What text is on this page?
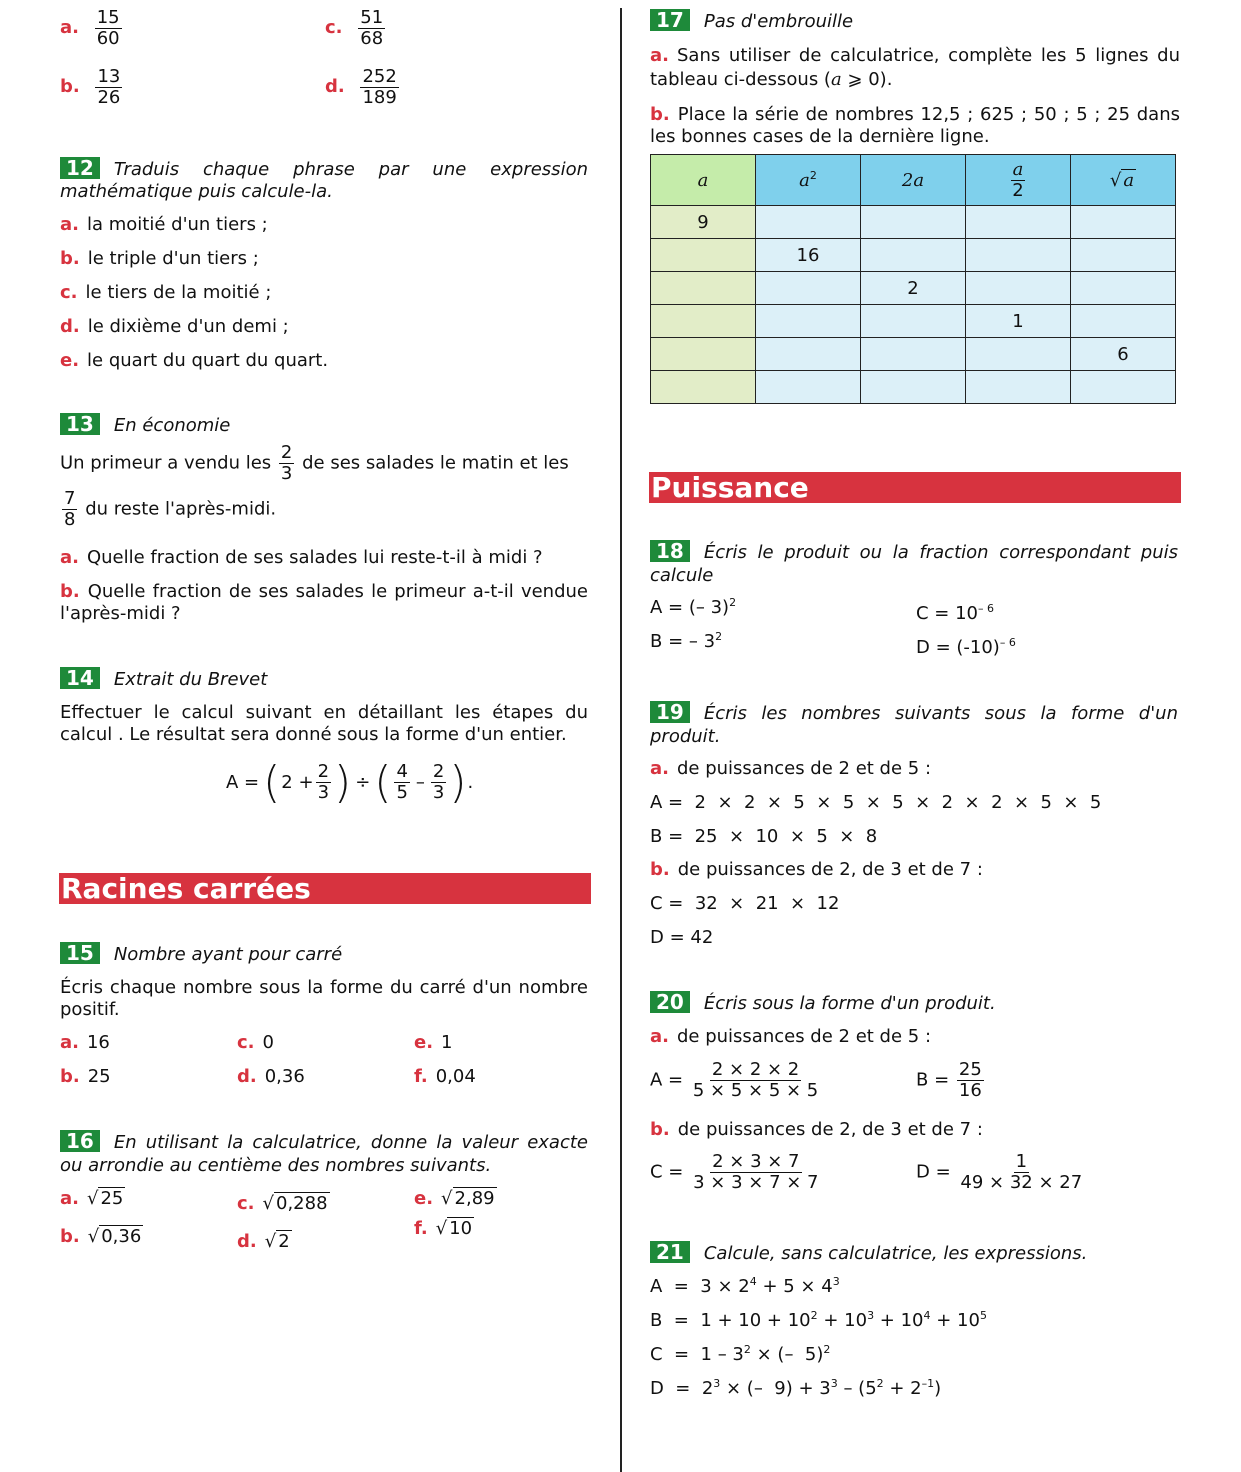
a. $\frac{15}{60}$	c. $\frac{51}{68}$
b. $\frac{13}{26}$	d. $\frac{252}{189}$
12 Traduis chaque phrase par une expression mathématique puis calcule-la.
a. la moitié d'un tiers ;
b. le triple d'un tiers ;
c. le tiers de la moitié ;
d. le dixième d'un demi ;
e. le quart du quart du quart.
13 En économie
Un primeur a vendu les $\frac{2}{3}$ de ses salades le matin et les
$\frac{7}{8}$ du reste l'après-midi.
a. Quelle fraction de ses salades lui reste-t-il à midi ?
b. Quelle fraction de ses salades le primeur a-t-il vendue l'après-midi ?
14 Extrait du Brevet
Effectuer le calcul suivant en détaillant les étapes du calcul . Le résultat sera donné sous la forme d'un entier.
A = ( $2 + \frac{2}{3}$ ) ÷ ( $\frac{4}{5} - \frac{2}{3}$ ) .
Racines carrées
15 Nombre ayant pour carré
Écris chaque nombre sous la forme du carré d'un nombre positif.
a. 16	c. 0	e. 1
b. 25	d. 0,36	f. 0,04
16 En utilisant la calculatrice, donne la valeur exacte ou arrondie au centième des nombres suivants.
a. √ 25	c. √ 0,288	e. √ 2,89
b. √ 0,36	d. √ 2
f. √ 10
17 Pas d'embrouille
a. Sans utiliser de calculatrice, complète les 5 lignes du tableau ci-dessous (a ⩾ 0).
b. Place la série de nombres 12,5 ; 625 ; 50 ; 5 ; 25 dans les bonnes cases de la dernière ligne.
a	$a^2$	2a	$\frac{a}{2}$	√ a
9				
	16			
		2		
			1	
				6

Puissance
18 Écris le produit ou la fraction correspondant puis calcule
A = (– 3)$^2$
B = – $3^2$
$C = 10^{- 6}$
$D = (-10)^{- 6}$
19 Écris les nombres suivants sous la forme d'un produit.
a. de puissances de 2 et de 5 :
A =  2  ×  2  ×  5  ×  5  ×  5  ×  2  ×  2  ×  5  ×  5
B =  25  ×  10  ×  5  ×  8
b. de puissances de 2, de 3 et de 7 :
C =  32  ×  21  ×  12
D = 42
20 Écris sous la forme d'un produit.
a. de puissances de 2 et de 5 :
$A = \frac{2 \times 2 \times 2}{5 \times 5 \times 5 \times 5}$	$B = \frac{25}{16}$
b. de puissances de 2, de 3 et de 7 :
$C = \frac{2 \times 3 \times 7}{3 \times 3 \times 7 \times 7}$	$D = \frac{1}{49 \times 32 \times 27}$
21 Calcule, sans calculatrice, les expressions.
$A = 3 \times 2^4 + 5 \times 4^3$
$B = 1 + 10 + 10^2 + 10^3 + 10^4 + 10^5$
$C = 1 - 3^2$ × (–  5)$^2$
$D = 2^3$ × (–  $9) + 3^3 - (5^2 + 2^{-1})$
